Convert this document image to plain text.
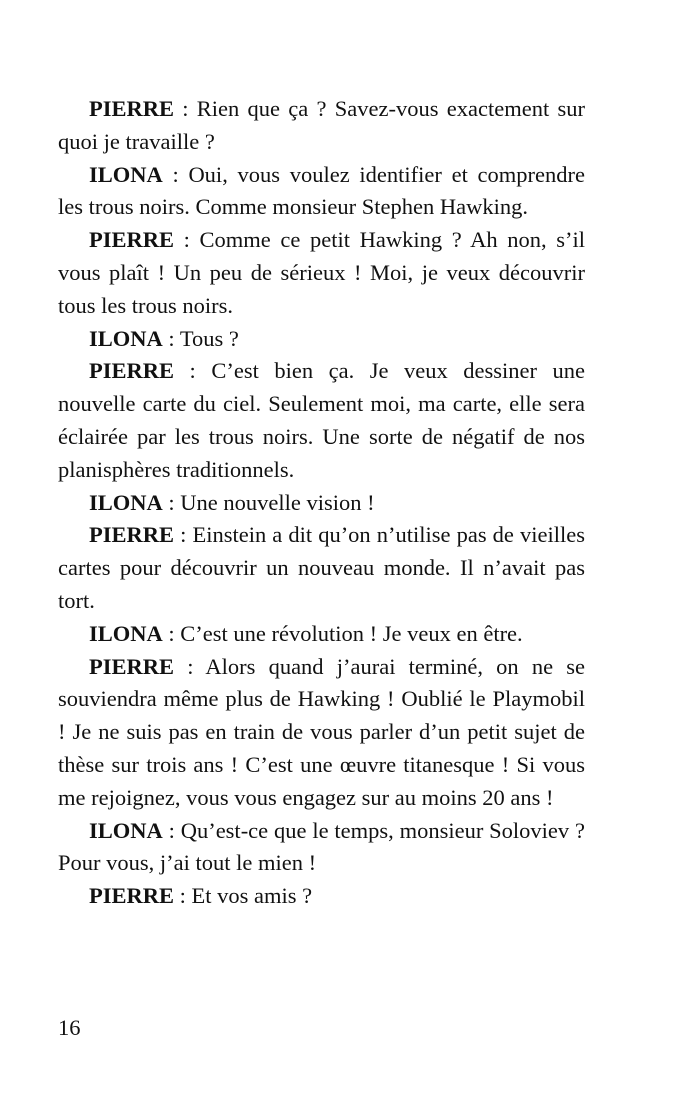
PIERRE : Rien que ça ? Savez-vous exactement sur quoi je travaille ?

ILONA : Oui, vous voulez identifier et comprendre les trous noirs. Comme monsieur Stephen Hawking.

PIERRE : Comme ce petit Hawking ? Ah non, s’il vous plaît ! Un peu de sérieux ! Moi, je veux découvrir tous les trous noirs.

ILONA : Tous ?

PIERRE : C’est bien ça. Je veux dessiner une nouvelle carte du ciel. Seulement moi, ma carte, elle sera éclairée par les trous noirs. Une sorte de négatif de nos planisphères traditionnels.

ILONA : Une nouvelle vision !

PIERRE : Einstein a dit qu’on n’utilise pas de vieilles cartes pour découvrir un nouveau monde. Il n’avait pas tort.

ILONA : C’est une révolution ! Je veux en être.

PIERRE : Alors quand j’aurai terminé, on ne se souviendra même plus de Hawking ! Oublié le Playmobil ! Je ne suis pas en train de vous parler d’un petit sujet de thèse sur trois ans ! C’est une œuvre titanesque ! Si vous me rejoignez, vous vous engagez sur au moins 20 ans !

ILONA : Qu’est-ce que le temps, monsieur Soloviev ? Pour vous, j’ai tout le mien !

PIERRE : Et vos amis ?

16
